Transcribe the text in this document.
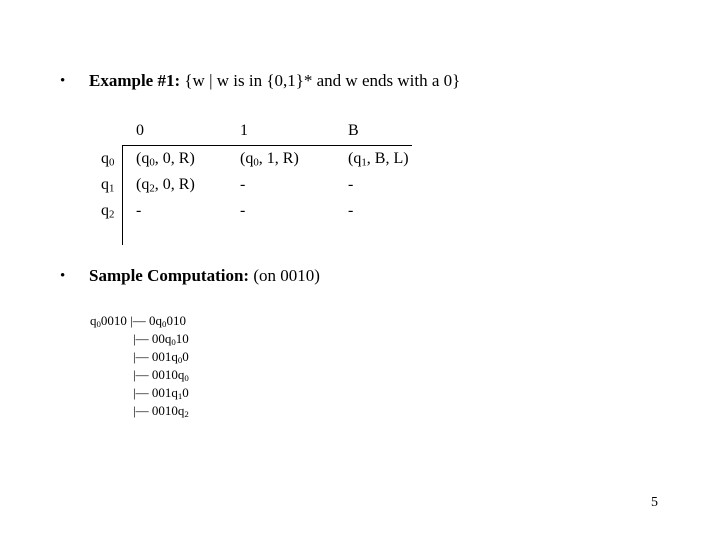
• Example #1: {w | w is in {0,1}* and w ends with a 0}
0	1	B
$q_0$ ($q_0$, 0, R)	($q_0$, 1, R)	($q_1$, B, L)
$q_1$ ($q_2$, 0, R)	-	-
$q_2$ -	-	-
• Sample Computation: (on 0010)
$q_00010$ |— $0q_0010$
|— $00q_010$
|— $001q_00$
|— $0010q_0$
|— $001q_10$
|— $0010q_2$
5
